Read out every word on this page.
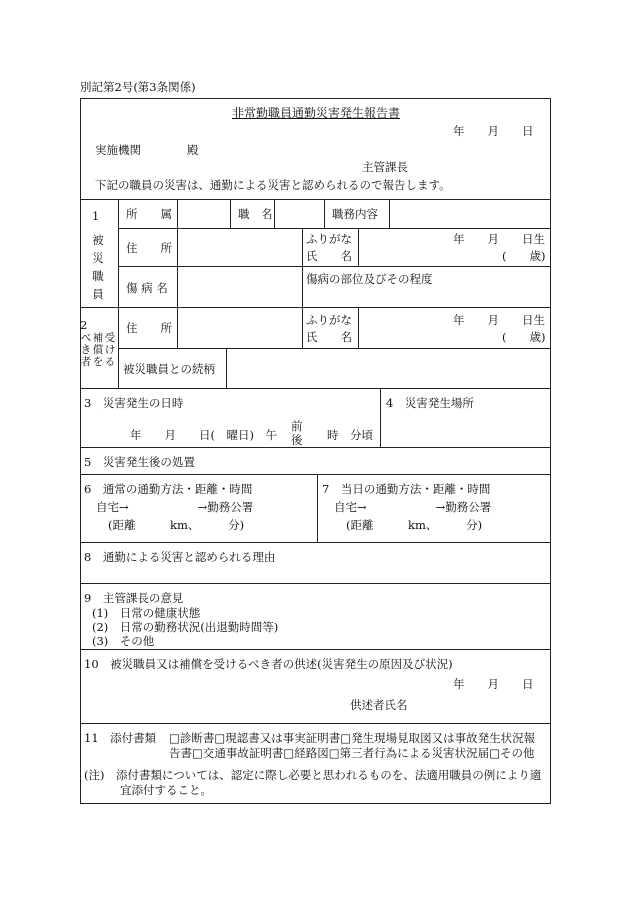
別記第2号(第3条関係)
非常勤職員通勤災害発生報告書
年　　月　　日
実施機関　　　　殿
主管課長
下記の職員の災害は、通勤による災害と認められるので報告します。
1
被災職員
所　　属	職　名	職務内容
住　　所
ふりがな
氏　　名
年　　月　　日生
(　　歳)
傷 病 名
傷病の部位及びその程度
2
受ける
補償を
べき者
住　　所
ふりがな
氏　　名
年　　月　　日生
(　　歳)
被災職員との続柄
3　災害発生の日時
年　　月　　日(　曜日)　午
前
後 時　分頃
4　災害発生場所
5　災害発生後の処置
6　通常の通勤方法・距離・時間
自宅→　　　　　　→勤務公署
(距離　　　km、　　　分)
7　当日の通勤方法・距離・時間
自宅→　　　　　　→勤務公署
(距離　　　km、　　　分)
8　通勤による災害と認められる理由
9　主管課長の意見
(1)　日常の健康状態
(2)　日常の勤務状況(出退勤時間等)
(3)　その他
10　被災職員又は補償を受けるべき者の供述(災害発生の原因及び状況)
年　　月　　日
供述者氏名
11　添付書類 □診断書□現認書又は事実証明書□発生現場見取図又は事故発生状況報
告書□交通事故証明書□経路図□第三者行為による災害状況届□その他
(注)　添付書類については、認定に際し必要と思われるものを、法適用職員の例により適
宜添付すること。
